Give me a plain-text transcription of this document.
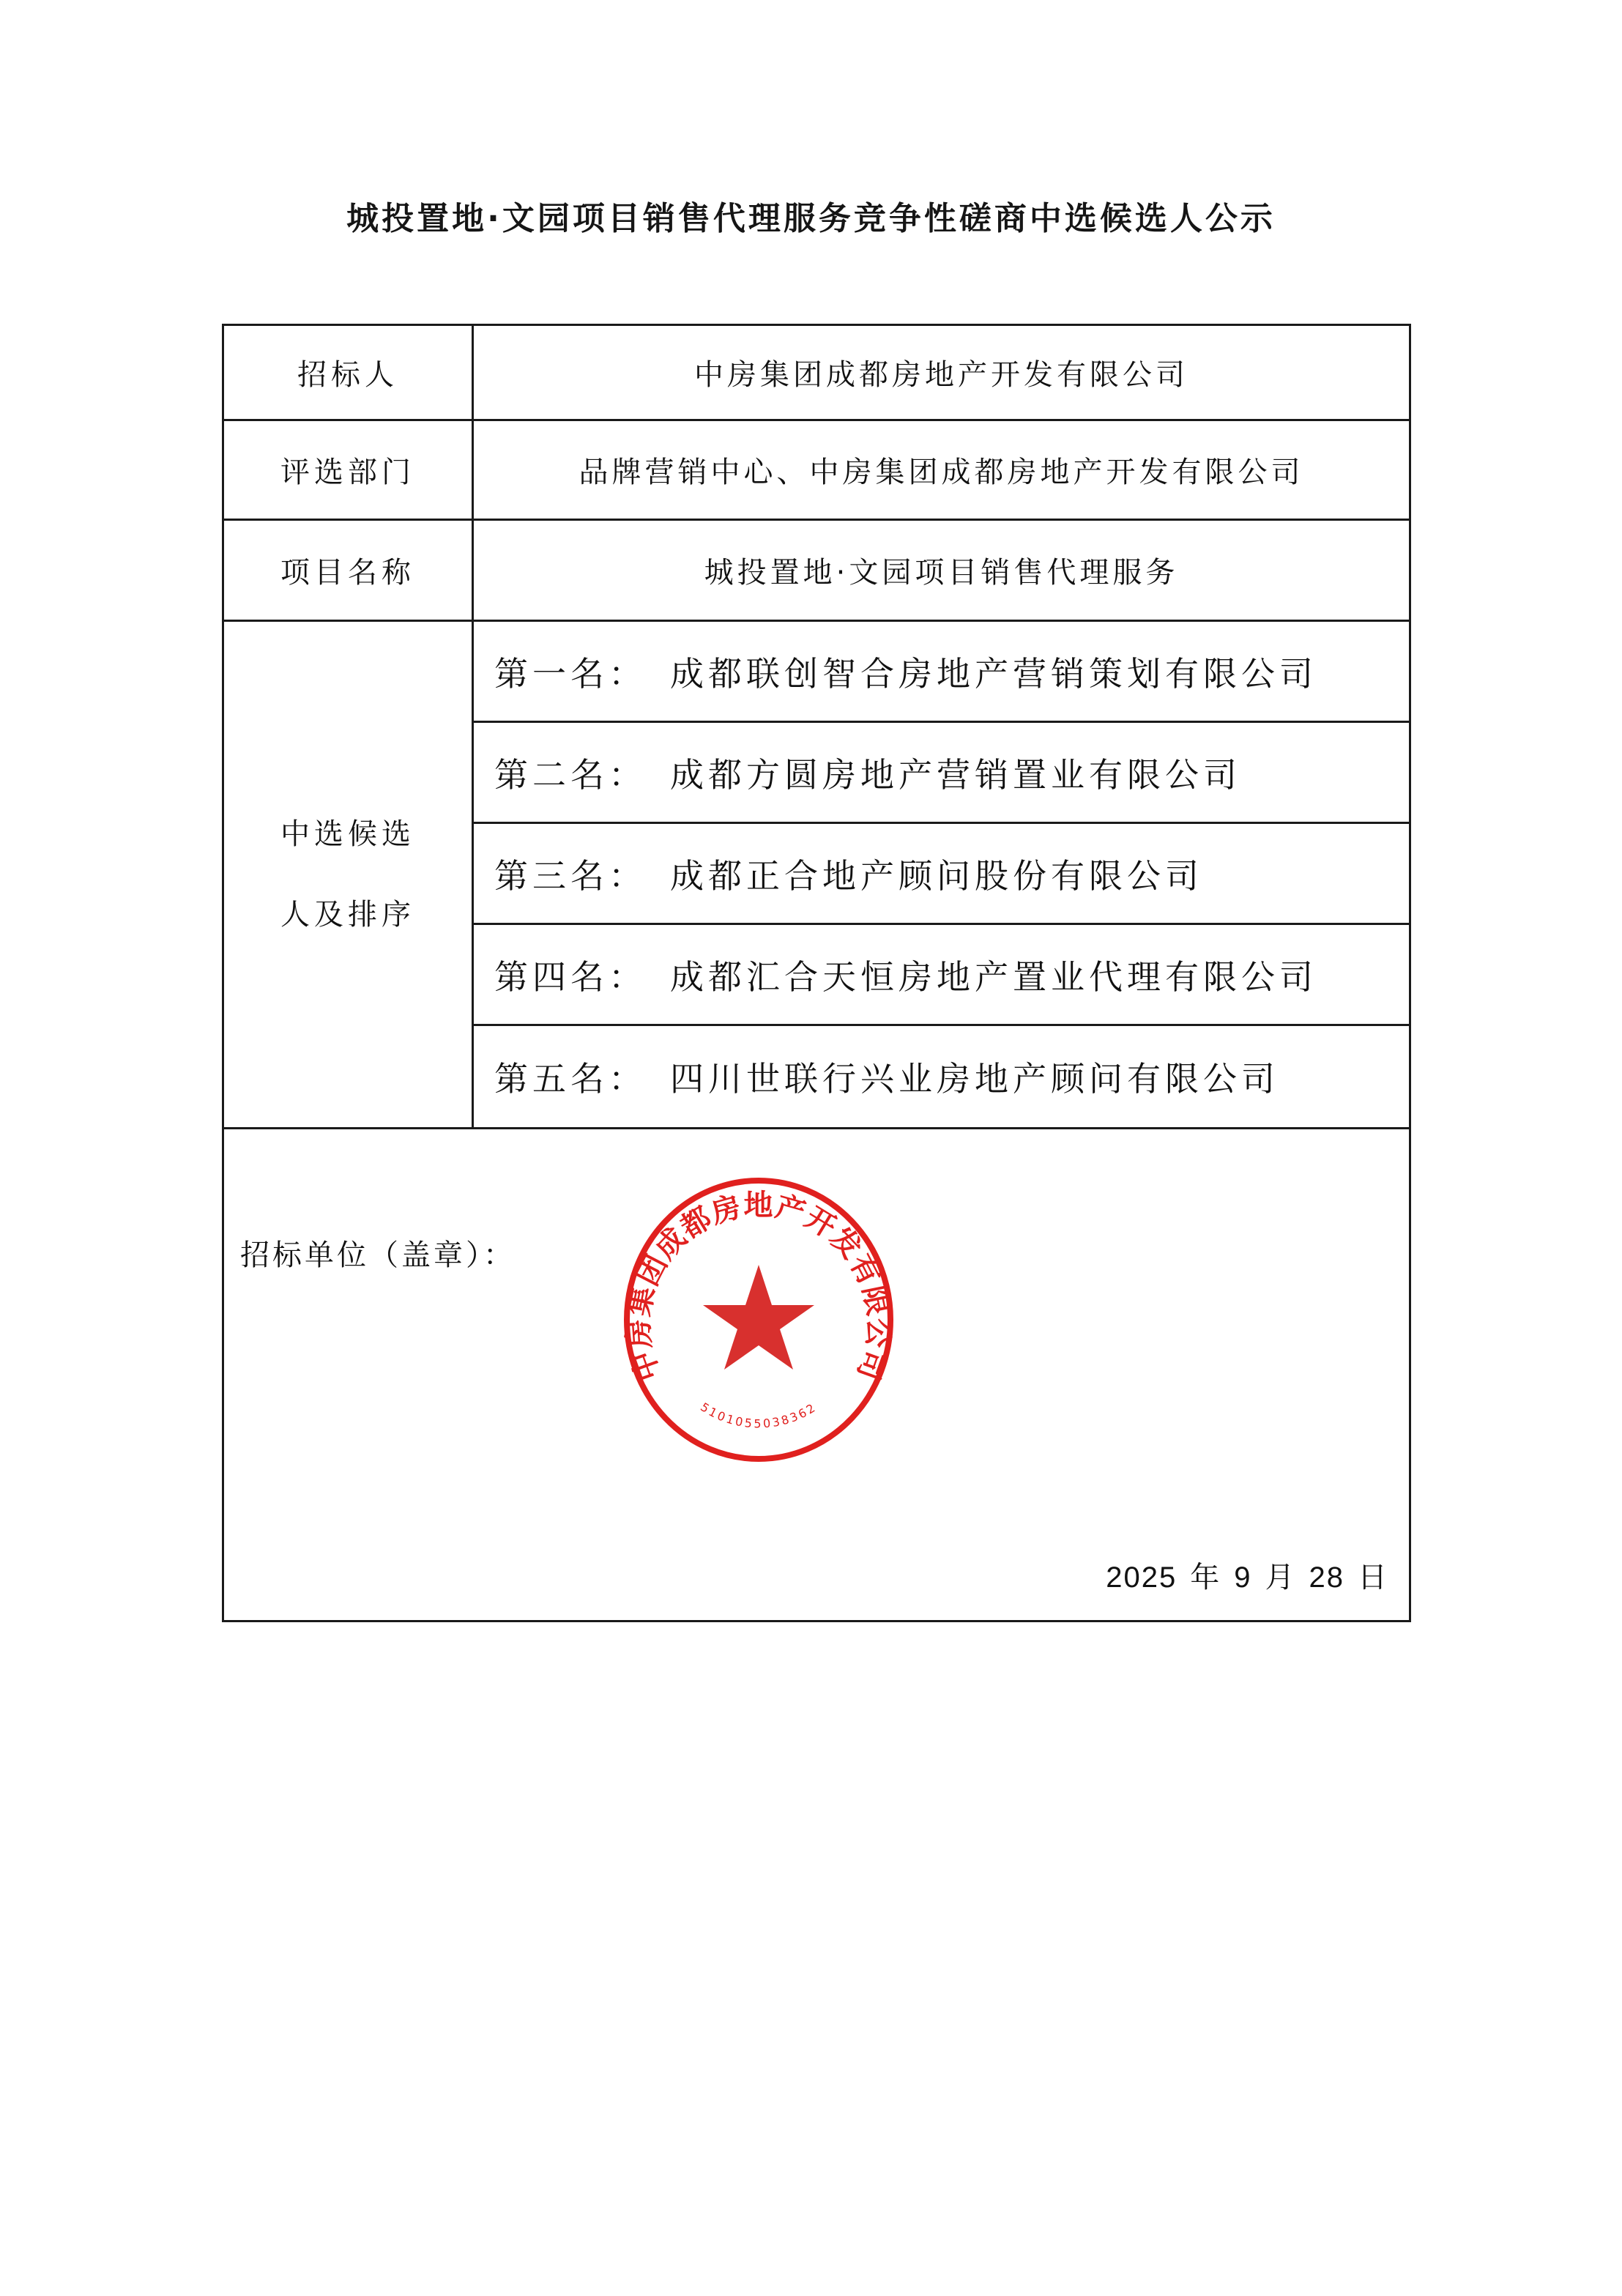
城投置地·文园项目销售代理服务竞争性磋商中选候选人公示
招标人	中房集团成都房地产开发有限公司
评选部门	品牌营销中心、中房集团成都房地产开发有限公司
项目名称	城投置地·文园项目销售代理服务
中选候选
人及排序
第一名： 成都联创智合房地产营销策划有限公司
第二名： 成都方圆房地产营销置业有限公司
第三名： 成都正合地产顾问股份有限公司
第四名： 成都汇合天恒房地产置业代理有限公司
第五名： 四川世联行兴业房地产顾问有限公司
招标单位（盖章）：
中房集团成都房地产开发有限公司
5101055038362
2025 年 9 月 28 日
